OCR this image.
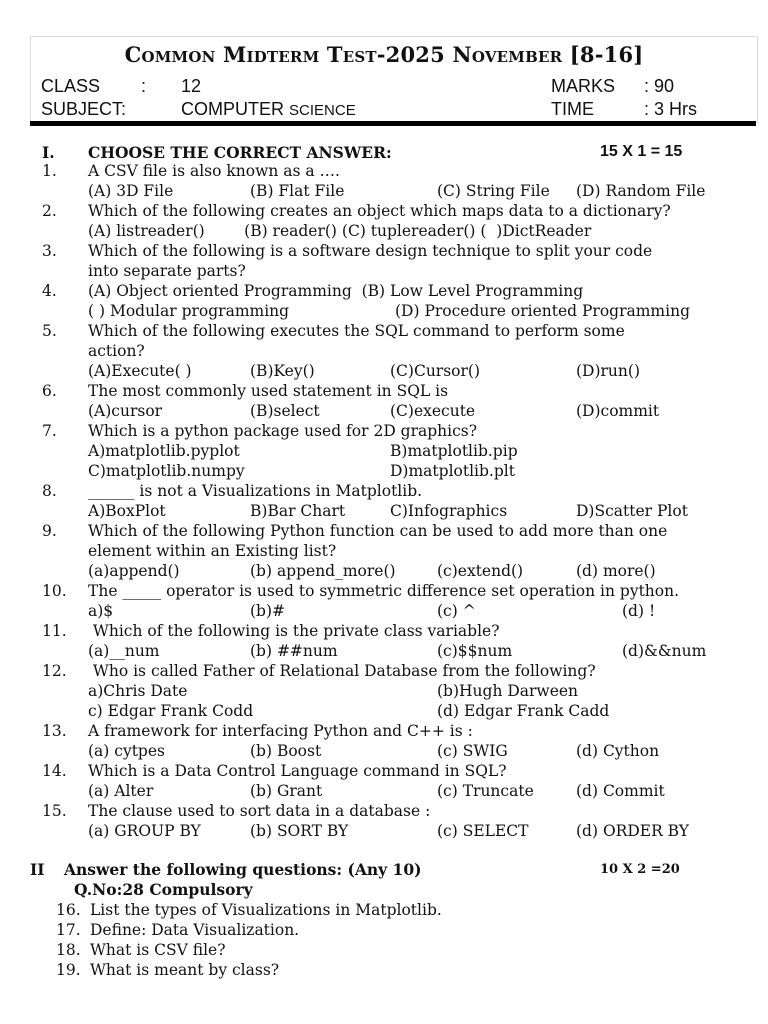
Common Midterm Test-2025 November [8-16]
CLASS : 12	MARKS : 90
SUBJECT:	COMPUTER SCIENCE	TIME	: 3 Hrs
I. CHOOSE THE CORRECT ANSWER:	15 X 1 = 15
1. A CSV file is also known as a ….
(A) 3D File	(B) Flat File	(C) String File (D) Random File
2. Which of the following creates an object which maps data to a dictionary?
(A) listreader()        (B) reader() (C) tuplereader() (  )DictReader
3. Which of the following is a software design technique to split your code
into separate parts?
4. (A) Object oriented Programming  (B) Low Level Programming
( ) Modular programming	(D) Procedure oriented Programming
5. Which of the following executes the SQL command to perform some
action?
(A)Execute( )	(B)Key()	(C)Cursor()	(D)run()
6. The most commonly used statement in SQL is
(A)cursor	(B)select	(C)execute	(D)commit
7. Which is a python package used for 2D graphics?
A)matplotlib.pyplot	B)matplotlib.pip
C)matplotlib.numpy	D)matplotlib.plt
8. ______ is not a Visualizations in Matplotlib.
A)BoxPlot	B)Bar Chart	C)Infographics	D)Scatter Plot
9. Which of the following Python function can be used to add more than one
element within an Existing list?
(a)append()	(b) append_more()	(c)extend()	(d) more()
10. The _____ operator is used to symmetric difference set operation in python.
a)$	(b)#	(c) ^	(d) !
11. Which of the following is the private class variable?
(a)__num	(b) ##num	(c)$$num	(d)&&num
12. Who is called Father of Relational Database from the following?
a)Chris Date	(b)Hugh Darween
c) Edgar Frank Codd	(d) Edgar Frank Cadd
13. A framework for interfacing Python and C++ is :
(a) cytpes	(b) Boost	(c) SWIG	(d) Cython
14. Which is a Data Control Language command in SQL?
(a) Alter	(b) Grant	(c) Truncate	(d) Commit
15. The clause used to sort data in a database :
(a) GROUP BY	(b) SORT BY	(c) SELECT	(d) ORDER BY
II Answer the following questions: (Any 10)	10 X 2 =20
Q.No:28 Compulsory
16. List the types of Visualizations in Matplotlib.
17. Define: Data Visualization.
18. What is CSV file?
19. What is meant by class?
